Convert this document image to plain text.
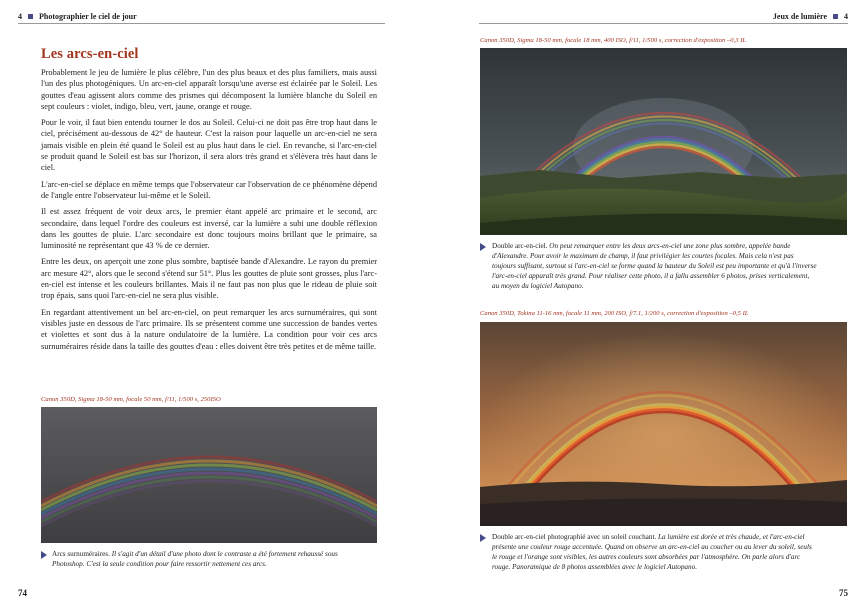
4 Photographier le ciel de jour	Jeux de lumière 4
Les arcs-en-ciel

Probablement le jeu de lumière le plus célèbre, l'un des plus beaux et des plus familiers, mais aussi l'un des plus photogéniques. Un arc-en-ciel apparaît lorsqu'une averse est éclairée par le Soleil. Les gouttes d'eau agissent alors comme des prismes qui décomposent la lumière blanche du Soleil en sept couleurs : violet, indigo, bleu, vert, jaune, orange et rouge.

Pour le voir, il faut bien entendu tourner le dos au Soleil. Celui-ci ne doit pas être trop haut dans le ciel, précisément au-dessous de 42° de hauteur. C'est la raison pour laquelle un arc-en-ciel ne sera jamais visible en plein été quand le Soleil est au plus haut dans le ciel. En revanche, si l'arc-en-ciel se produit quand le Soleil est bas sur l'horizon, il sera alors très grand et s'élèvera très haut dans le ciel.

L'arc-en-ciel se déplace en même temps que l'observateur car l'observation de ce phénomène dépend de l'angle entre l'observateur lui-même et le Soleil.

Il est assez fréquent de voir deux arcs, le premier étant appelé arc primaire et le second, arc secondaire, dans lequel l'ordre des couleurs est inversé, car la lumière a subi une double réflexion dans les gouttes de pluie. L'arc secondaire est donc toujours moins brillant que le primaire, sa luminosité ne représentant que 43 % de ce dernier.

Entre les deux, on aperçoit une zone plus sombre, baptisée bande d'Alexandre. Le rayon du premier arc mesure 42°, alors que le second s'étend sur 51°. Plus les gouttes de pluie sont grosses, plus l'arc-en-ciel est intense et les couleurs brillantes. Mais il ne faut pas non plus que le rideau de pluie soit trop épais, sans quoi l'arc-en-ciel ne sera plus visible.

En regardant attentivement un bel arc-en-ciel, on peut remarquer les arcs surnuméraires, qui sont visibles juste en dessous de l'arc primaire. Ils se présentent comme une succession de bandes vertes et violettes et sont dus à la nature ondulatoire de la lumière. La condition pour voir ces arcs surnuméraires réside dans la taille des gouttes d'eau : elles doivent être très petites et de même taille.

Canon 350D, Sigma 18-50 mm, focale 50 mm, f/11, 1/500 s, 250ISO
Arcs surnuméraires. Il s'agit d'un détail d'une photo dont le contraste a été fortement rehaussé sous Photoshop. C'est la seule condition pour faire ressortir nettement ces arcs.
Canon 350D, Sigma 18-50 mm, focale 18 mm, 400 ISO, f/11, 1/500 s, correction d'exposition –0,3 IL
Double arc-en-ciel. On peut remarquer entre les deux arcs-en-ciel une zone plus sombre, appelée bande d'Alexandre. Pour avoir le maximum de champ, il faut privilégier les courtes focales. Mais cela n'est pas toujours suffisant, surtout si l'arc-en-ciel se forme quand la hauteur du Soleil est peu importante et qu'à l'inverse l'arc-en-ciel apparaît très grand. Pour réaliser cette photo, il a fallu assembler 6 photos, prises verticalement, au moyen du logiciel Autopano.
Canon 350D, Tokina 11-16 mm, focale 11 mm, 200 ISO, f/7.1, 1/200 s, correction d'exposition –0,5 IL
Double arc-en-ciel photographié avec un soleil couchant. La lumière est dorée et très chaude, et l'arc-en-ciel présente une couleur rouge accentuée. Quand on observe un arc-en-ciel au coucher ou au lever du soleil, seuls le rouge et l'orange sont visibles, les autres couleurs sont absorbées par l'atmosphère. On parle alors d'arc rouge. Panoramique de 8 photos assemblées avec le logiciel Autopano.
74	75
